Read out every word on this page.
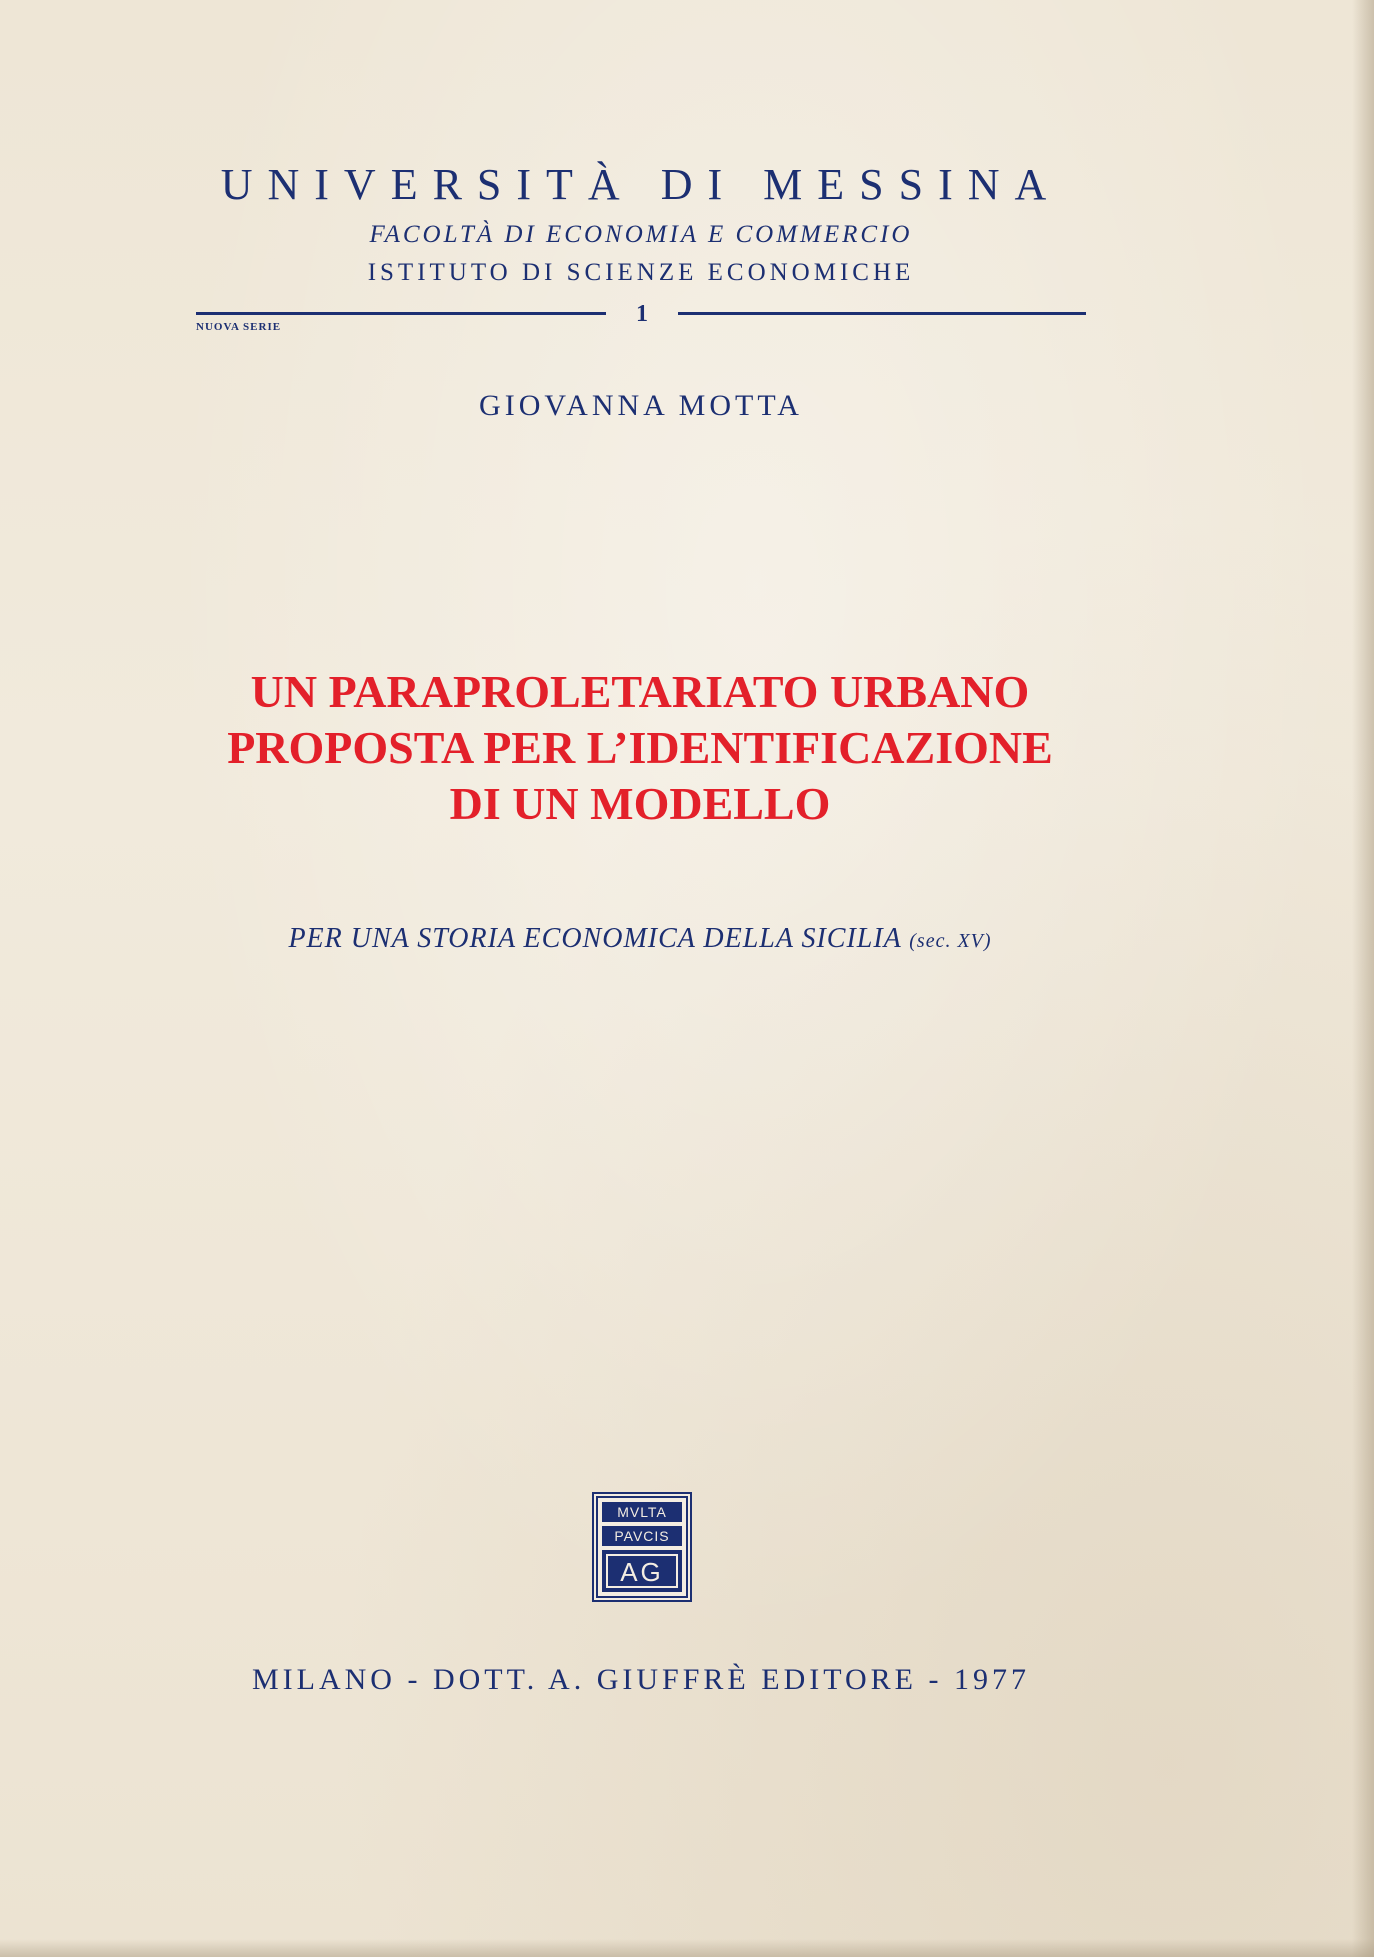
UNIVERSITÀ DI MESSINA
FACOLTÀ DI ECONOMIA E COMMERCIO
ISTITUTO DI SCIENZE ECONOMICHE
NUOVA SERIE	1
GIOVANNA MOTTA
UN PARAPROLETARIATO URBANO
PROPOSTA PER L’IDENTIFICAZIONE
DI UN MODELLO
PER UNA STORIA ECONOMICA DELLA SICILIA (sec. XV)
MVLTA
PAVCIS
AG
MILANO - DOTT. A. GIUFFRÈ EDITORE - 1977
